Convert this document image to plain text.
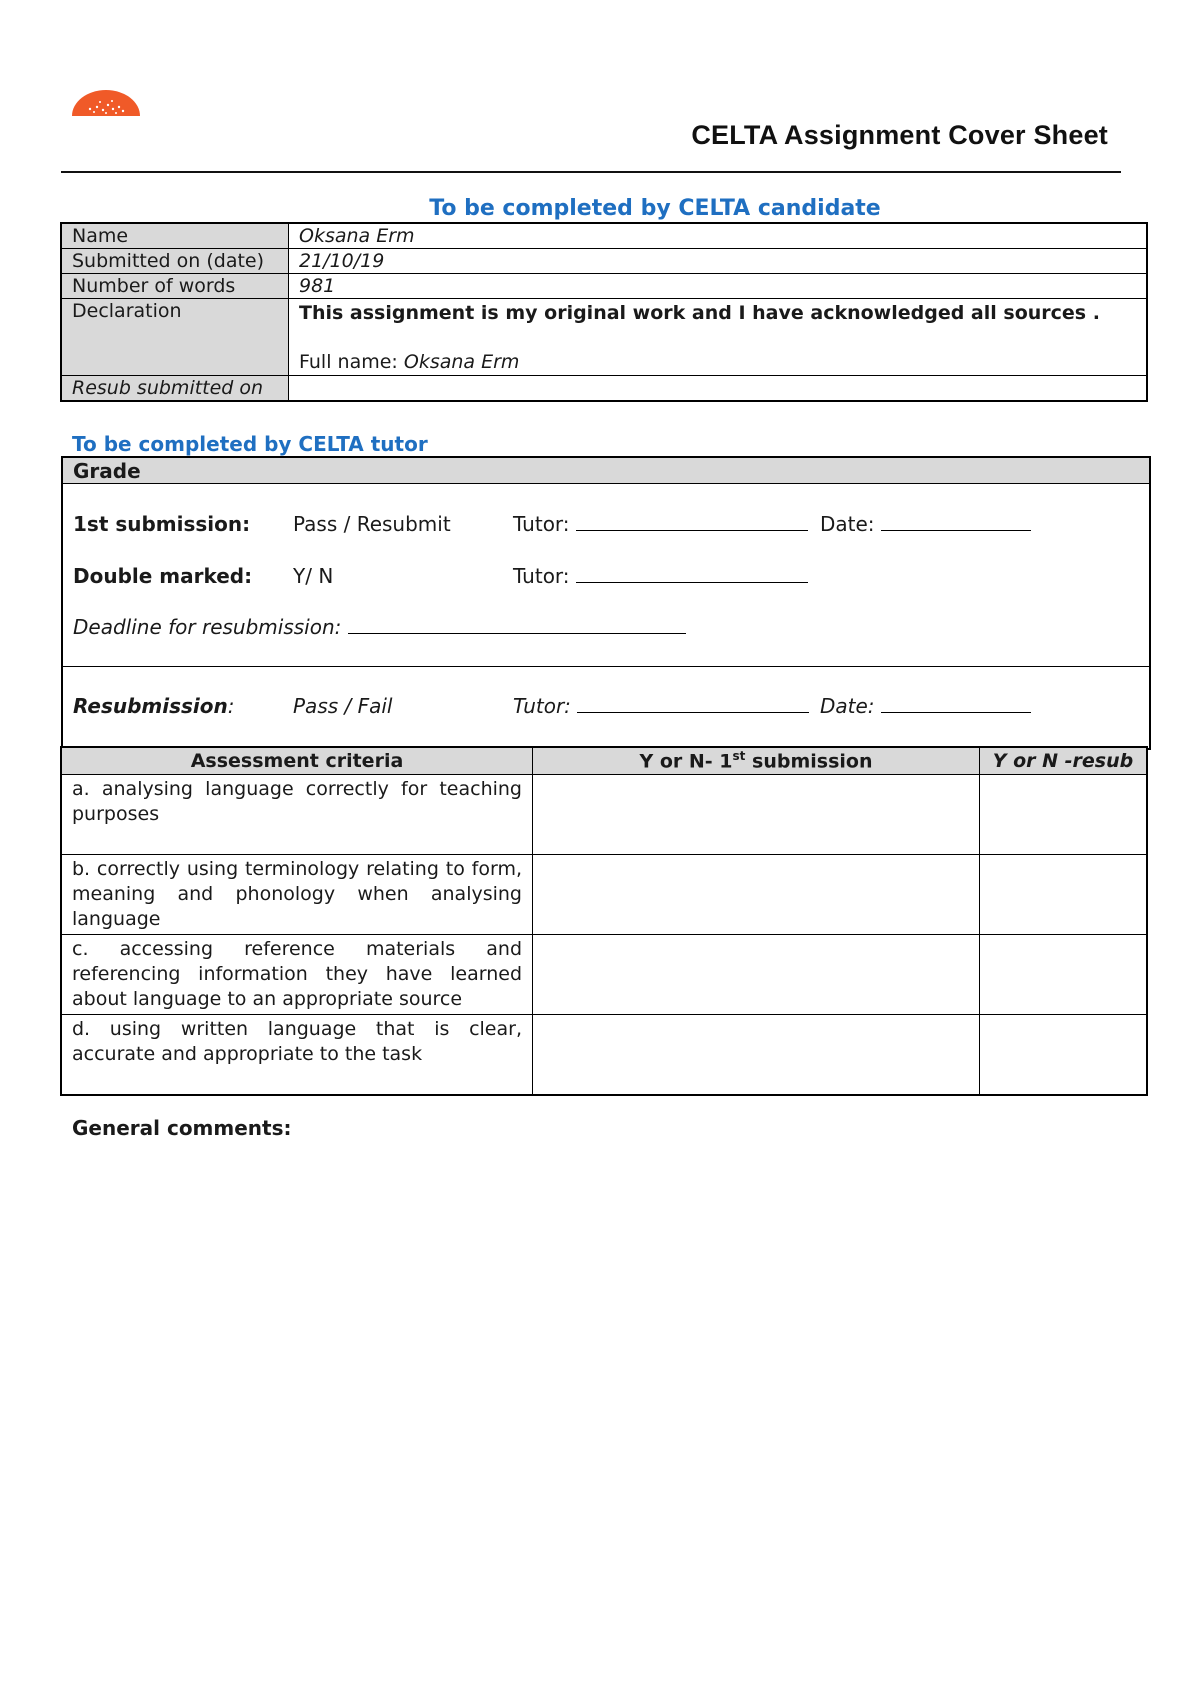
CELTA Assignment Cover Sheet
To be completed by CELTA candidate
Name	Oksana Erm
Submitted on (date)	21/10/19
Number of words	981
Declaration	This assignment is my original work and I have acknowledged all sources .
Full name: Oksana Erm

Resub submitted on	
To be completed by CELTA tutor
Grade
1st submission: Pass / Resubmit	Tutor:	Date:
Double marked: Y/ N	Tutor:
Deadline for resubmission:
Resubmission:	Pass / Fail	Tutor:	Date:
Assessment criteria	Y or N- 1st submission	Y or N -resub
a. analysing language correctly for teaching purposes		
b. correctly using terminology relating to form, meaning and phonology when analysing language		
c. accessing reference materials and referencing information they have learned about language to an appropriate source		
d. using written language that is clear, accurate and appropriate to the task		
General comments:
